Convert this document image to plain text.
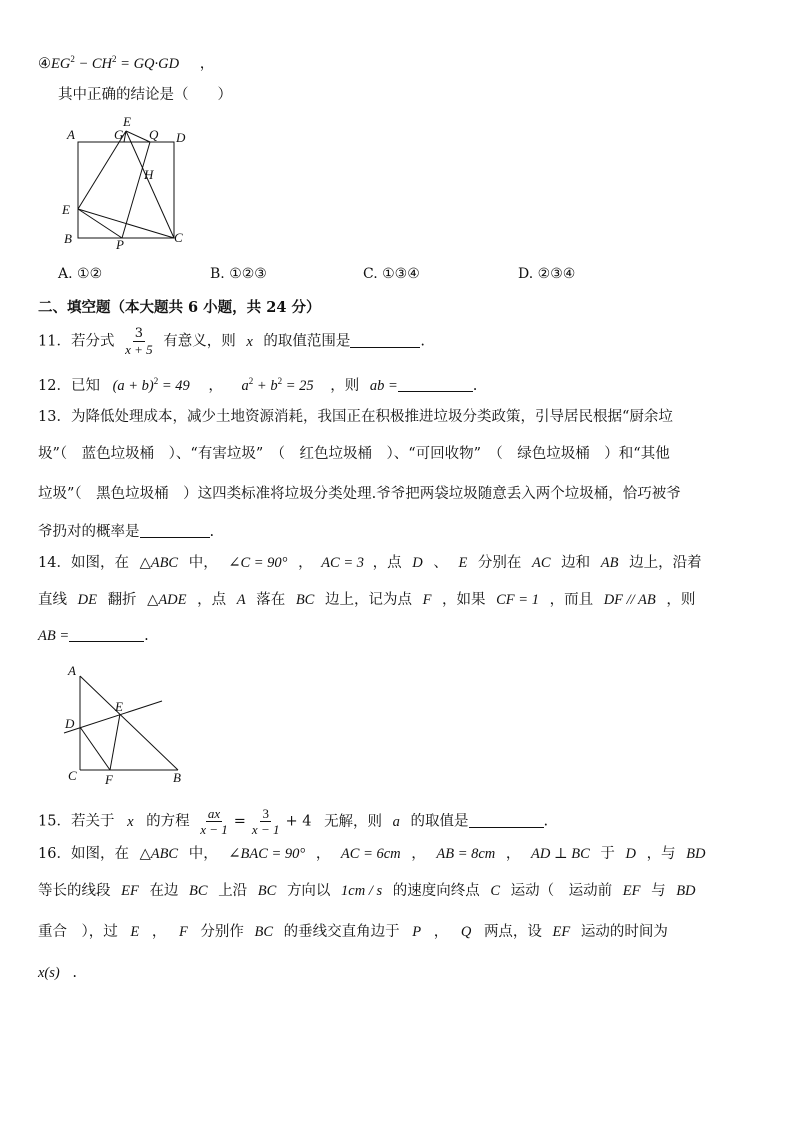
$④EG^2 - CH^2 = GQ\cdot GD$ ，
其中正确的结论是（　　）
A	G
E
Q D
H
E
B	P	C
A. ①②	B. ①②③	C. ①③④	D. ②③④
二、填空题（本大题共 6 小题，共 24 分）
11．若分式 $\frac{3}{x + 5}$ 有意义，则 x 的取值范围是	.
12．已知 $(a + b)^2 = 49$ ， $a^2 + b^2 = 25$ ，则 ab =	.
13．为降低处理成本，减少土地资源消耗，我国正在积极推进垃圾分类政策，引导居民根据“厨余垃
圾”（　蓝色垃圾桶　）、“有害垃圾”　（　红色垃圾桶　）、“可回收物”　（　绿色垃圾桶　）和“其他
垃圾”（　黑色垃圾桶　）这四类标准将垃圾分类处理.爷爷把两袋垃圾随意丢入两个垃圾桶，恰巧被爷
爷扔对的概率是	.
14．如图，在 △ABC 中， ∠C = 90° ， AC = 3 ，点 D 、 E 分别在 AC 边和 AB 边上，沿着
直线 DE 翻折 △ADE ，点 A 落在 BC 边上，记为点 F ，如果 CF = 1 ，而且 DF // AB ，则
AB =	.
A
E
D
C F	B
15．若关于 x 的方程 $\frac{ax}{x - 1} = \frac{3}{x - 1} + 4$ 无解，则 a 的取值是	.
16．如图，在 △ABC 中， ∠BAC = 90° ， AC = 6cm ， AB = 8cm ， AD ⊥ BC 于 D ，与 BD
等长的线段 EF 在边 BC 上沿 BC 方向以 1cm / s 的速度向终点 C 运动（　运动前 EF 与 BD
重合　），过 E ， F 分别作 BC 的垂线交直角边于 P ， Q 两点，设 EF 运动的时间为
x(s) .
